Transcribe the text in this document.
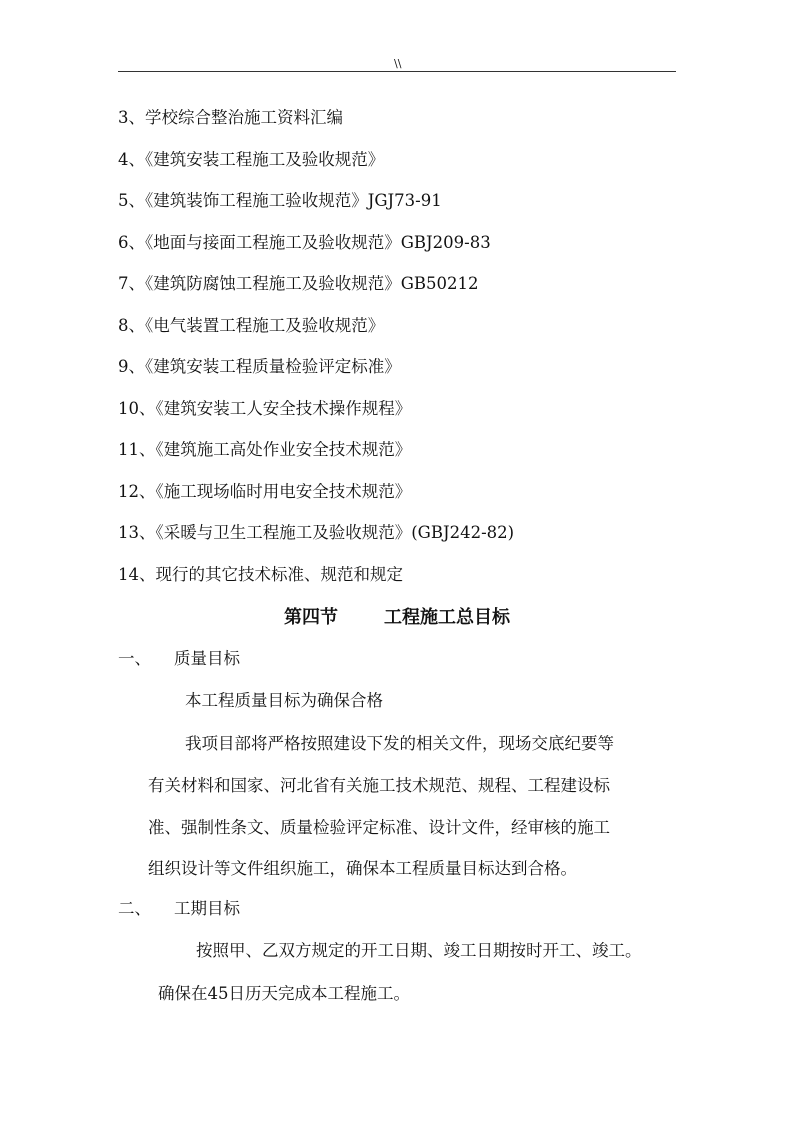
\\
3、学校综合整治施工资料汇编
4、《建筑安装工程施工及验收规范》
5、《建筑装饰工程施工验收规范》JGJ73-91
6、《地面与接面工程施工及验收规范》GBJ209-83
7、《建筑防腐蚀工程施工及验收规范》GB50212
8、《电气装置工程施工及验收规范》
9、《建筑安装工程质量检验评定标准》
10、《建筑安装工人安全技术操作规程》
11、《建筑施工高处作业安全技术规范》
12、《施工现场临时用电安全技术规范》
13、《采暖与卫生工程施工及验收规范》(GBJ242-82)
14、现行的其它技术标准、规范和规定
第四节	工程施工总目标
一、 质量目标
本工程质量目标为确保合格
我项目部将严格按照建设下发的相关文件，现场交底纪要等
有关材料和国家、河北省有关施工技术规范、规程、工程建设标
准、强制性条文、质量检验评定标准、设计文件，经审核的施工
组织设计等文件组织施工，确保本工程质量目标达到合格。
二、 工期目标
按照甲、乙双方规定的开工日期、竣工日期按时开工、竣工。
确保在45日历天完成本工程施工。
